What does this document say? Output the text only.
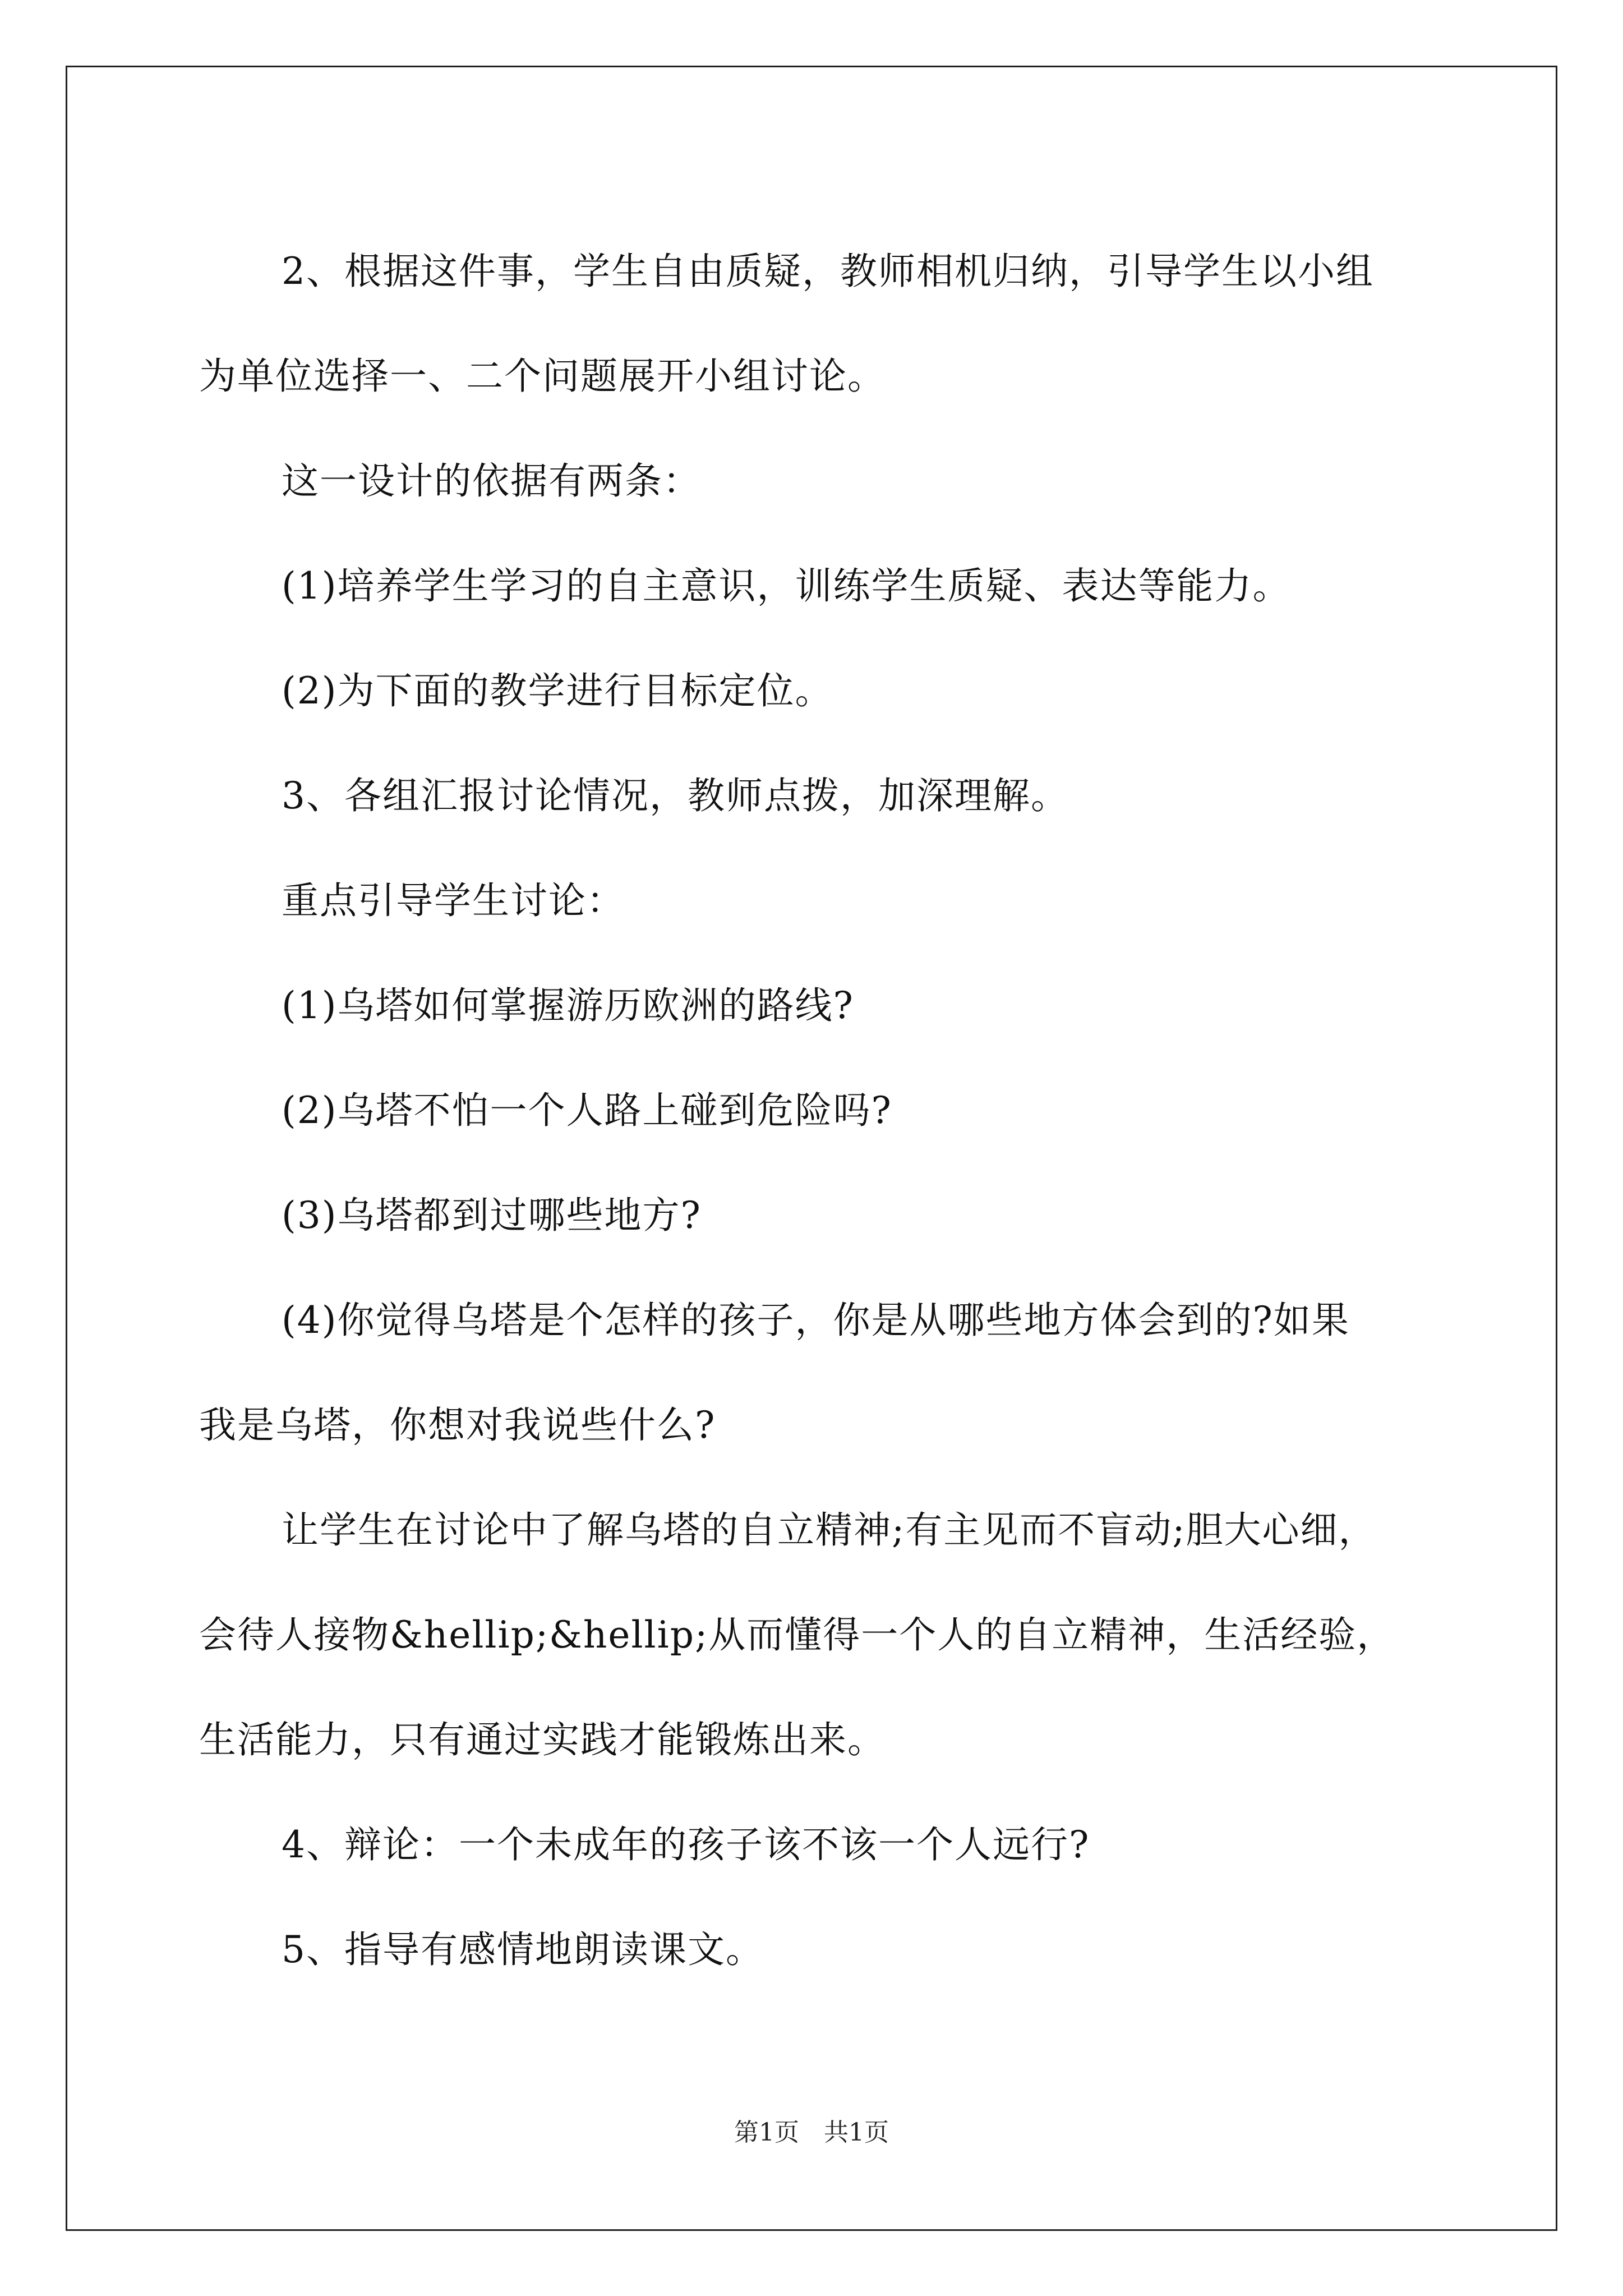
2、根据这件事，学生自由质疑，教师相机归纳，引导学生以小组

为单位选择一、二个问题展开小组讨论。

这一设计的依据有两条：

(1)培养学生学习的自主意识，训练学生质疑、表达等能力。

(2)为下面的教学进行目标定位。

3、各组汇报讨论情况，教师点拨，加深理解。

重点引导学生讨论：

(1)乌塔如何掌握游历欧洲的路线?

(2)乌塔不怕一个人路上碰到危险吗?

(3)乌塔都到过哪些地方?

(4)你觉得乌塔是个怎样的孩子，你是从哪些地方体会到的?如果

我是乌塔，你想对我说些什么?

让学生在讨论中了解乌塔的自立精神;有主见而不盲动;胆大心细，

会待人接物&hellip;&hellip;从而懂得一个人的自立精神，生活经验，

生活能力，只有通过实践才能锻炼出来。

4、辩论：一个未成年的孩子该不该一个人远行?

5、指导有感情地朗读课文。

第1页　共1页
